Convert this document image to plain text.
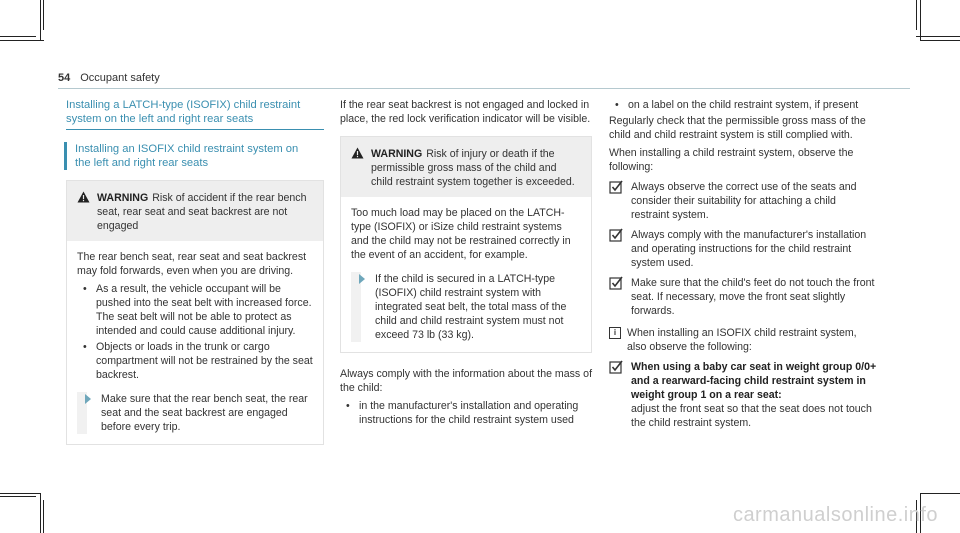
54 Occupant safety
Installing a LATCH-type (ISOFIX) child restraint
system on the left and right rear seats
Installing an ISOFIX child restraint system on
the left and right rear seats
WARNING Risk of accident if the rear bench seat, rear seat and seat backrest are not engaged

The rear bench seat, rear seat and seat backrest may fold forwards, even when you are driving.

• As a result, the vehicle occupant will be pushed into the seat belt with increased force. The seat belt will not be able to protect as intended and could cause additional injury.
• Objects or loads in the trunk or cargo compartment will not be restrained by the seat backrest.
Make sure that the rear bench seat, the rear seat and the seat backrest are engaged before every trip.

If the rear seat backrest is not engaged and locked in place, the red lock verification indicator will be visible.

WARNING Risk of injury or death if the permissible gross mass of the child and child restraint system together is exceeded.

Too much load may be placed on the LATCH-type (ISOFIX) or iSize child restraint systems and the child may not be restrained correctly in the event of an accident, for example.

If the child is secured in a LATCH-type (ISOFIX) child restraint system with integrated seat belt, the total mass of the child and child restraint system must not exceed 73 lb (33 kg).

Always comply with the information about the mass of the child:

• in the manufacturer's installation and operating instructions for the child restraint system used
• on a label on the child restraint system, if present

Regularly check that the permissible gross mass of the child and child restraint system is still complied with.

When installing a child restraint system, observe the following:

Always observe the correct use of the seats and consider their suitability for attaching a child restraint system.
Always comply with the manufacturer's installation and operating instructions for the child restraint system used.
Make sure that the child's feet do not touch the front seat. If necessary, move the front seat slightly forwards.
i	When installing an ISOFIX child restraint system, also observe the following:
When using a baby car seat in weight group 0/0+ and a rearward-facing child restraint system in weight group 1 on a rear seat:
adjust the front seat so that the seat does not touch the child restraint system.
carmanualsonline.info
